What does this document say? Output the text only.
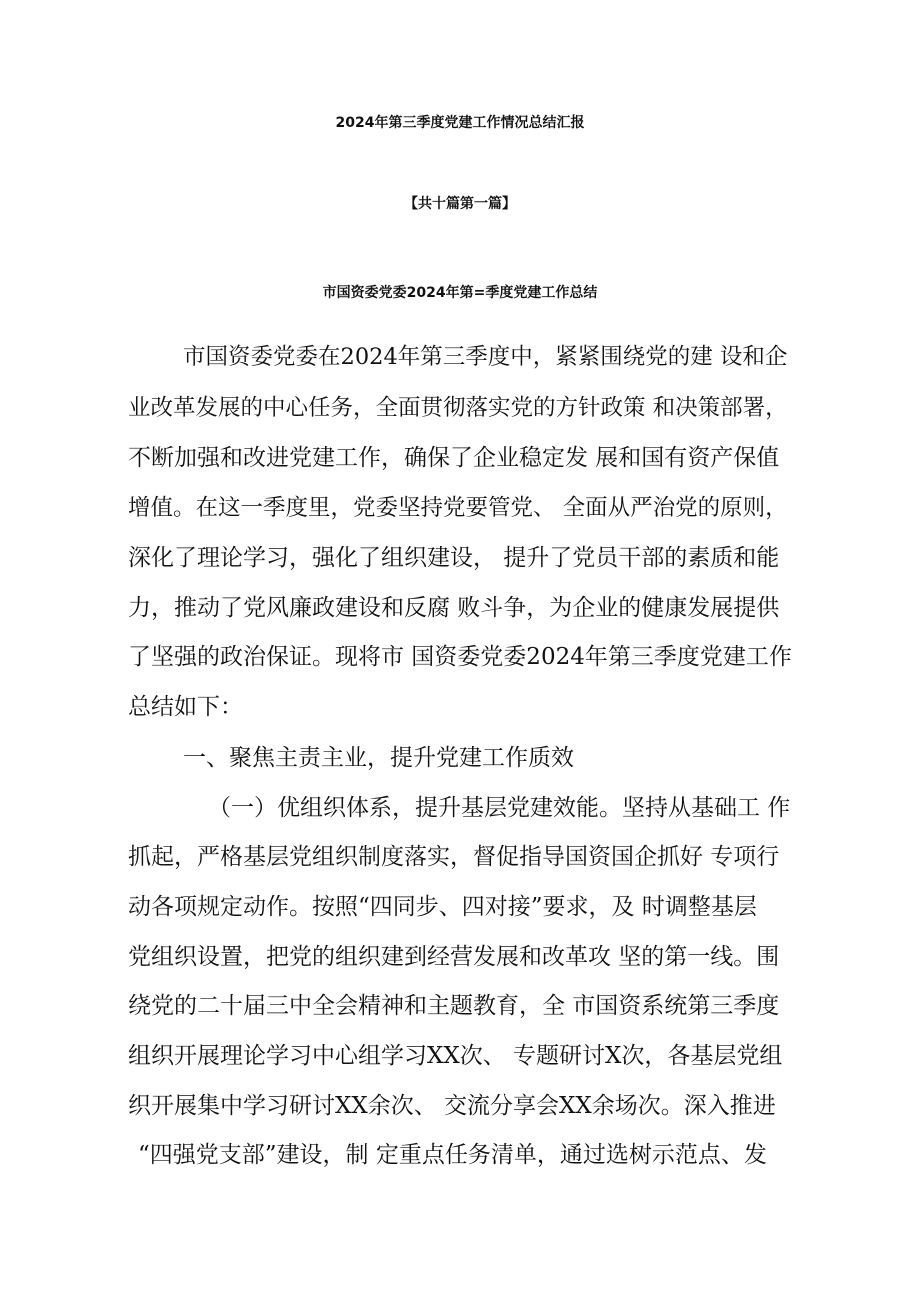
2024年第三季度党建工作情况总结汇报
【共十篇第一篇】
市国资委党委2024年第=季度党建工作总结

市国资委党委在2024年第三季度中，紧紧围绕党的建 设和企

业改革发展的中心任务，全面贯彻落实党的方针政策 和决策部署，

不断加强和改进党建工作，确保了企业稳定发 展和国有资产保值

增值。在这一季度里，党委坚持党要管党、 全面从严治党的原则，

深化了理论学习，强化了组织建设， 提升了党员干部的素质和能

力，推动了党风廉政建设和反腐 败斗争，为企业的健康发展提供

了坚强的政治保证。现将市 国资委党委2024年第三季度党建工作

总结如下：

一、聚焦主责主业，提升党建工作质效

（一）优组织体系，提升基层党建效能。坚持从基础工 作

抓起，严格基层党组织制度落实，督促指导国资国企抓好 专项行

动各项规定动作。按照“四同步、四对接”要求，及 时调整基层

党组织设置，把党的组织建到经营发展和改革攻 坚的第一线。围

绕党的二十届三中全会精神和主题教育，全 市国资系统第三季度

组织开展理论学习中心组学习XX次、 专题研讨X次，各基层党组

织开展集中学习研讨XX余次、 交流分享会XX余场次。深入推进

“四强党支部”建设，制 定重点任务清单，通过选树示范点、发
